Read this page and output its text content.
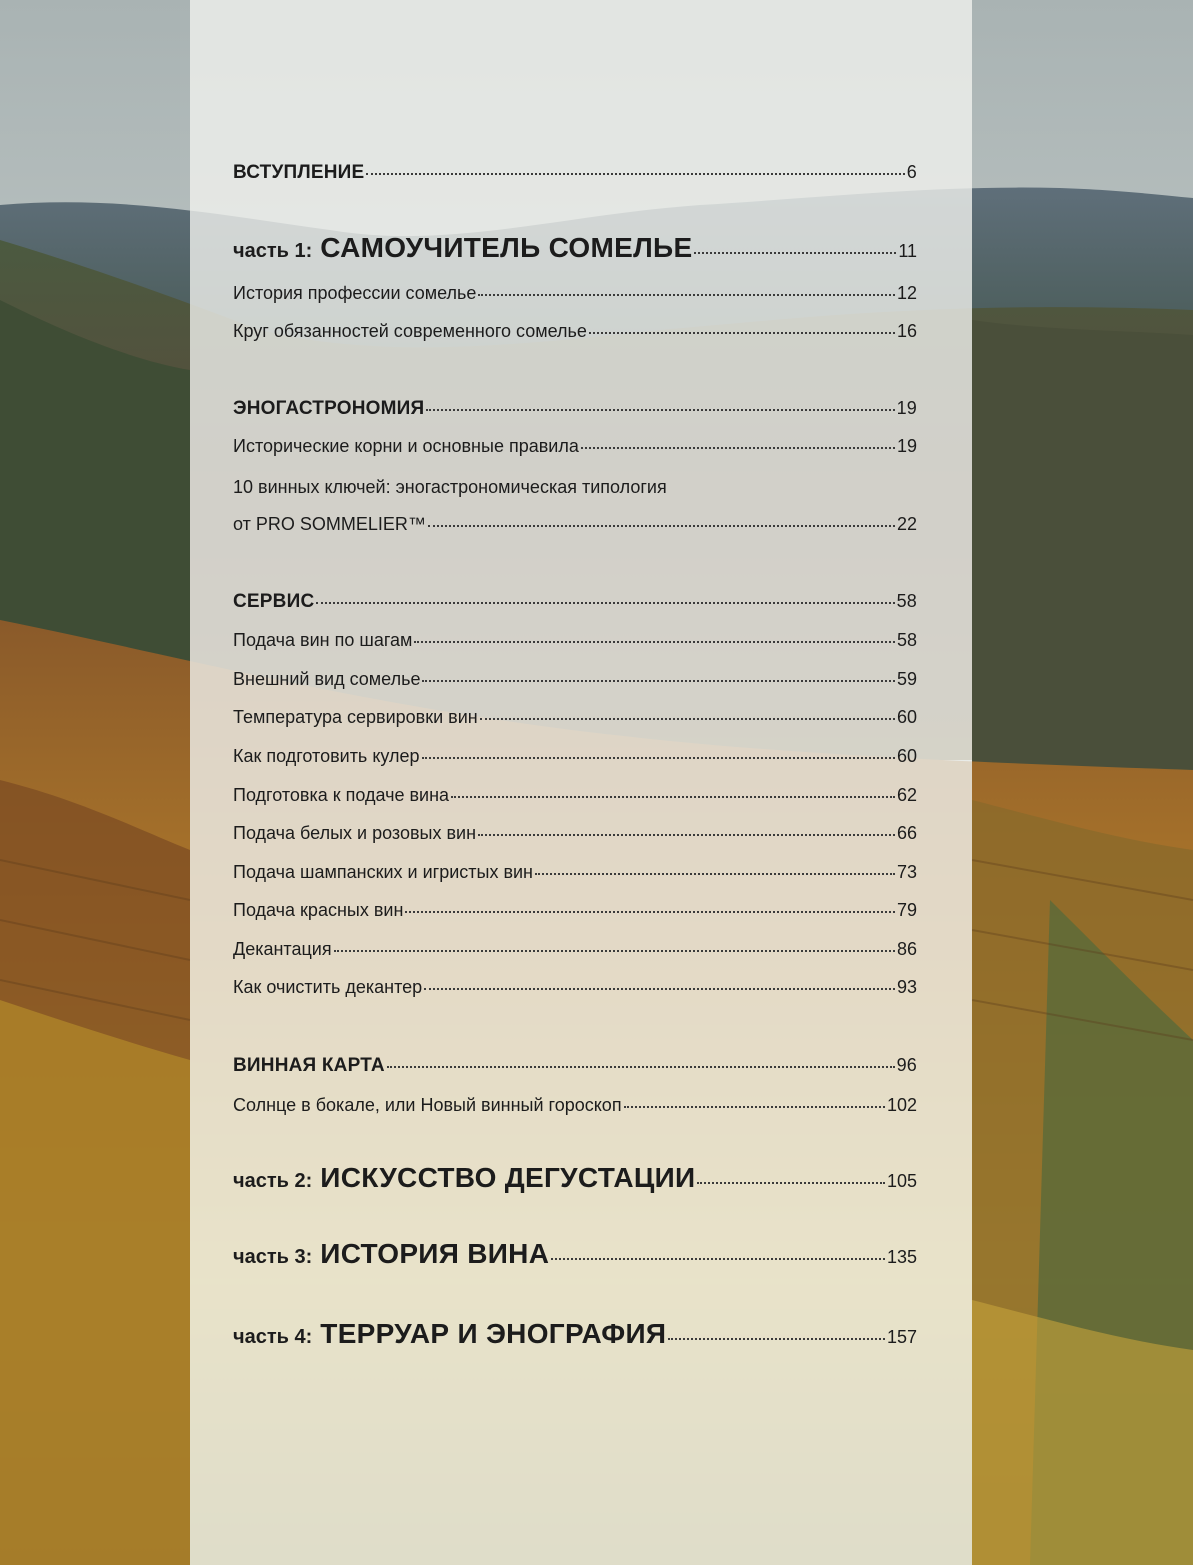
ВСТУПЛЕНИЕ	6
часть 1: САМОУЧИТЕЛЬ СОМЕЛЬЕ	11
История профессии сомелье	12
Круг обязанностей современного сомелье	16
ЭНОГАСТРОНОМИЯ	19
Исторические корни и основные правила	19
10 винных ключей: эногастрономическая типология
от PRO SOMMELIER™	22
СЕРВИС	58
Подача вин по шагам	58
Внешний вид сомелье	59
Температура сервировки вин	60
Как подготовить кулер	60
Подготовка к подаче вина	62
Подача белых и розовых вин	66
Подача шампанских и игристых вин	73
Подача красных вин	79
Декантация	86
Как очистить декантер	93
ВИННАЯ КАРТА	96
Солнце в бокале, или Новый винный гороскоп	102
часть 2: ИСКУССТВО ДЕГУСТАЦИИ	105
часть 3: ИСТОРИЯ ВИНА	135
часть 4: ТЕРРУАР И ЭНОГРАФИЯ	157
